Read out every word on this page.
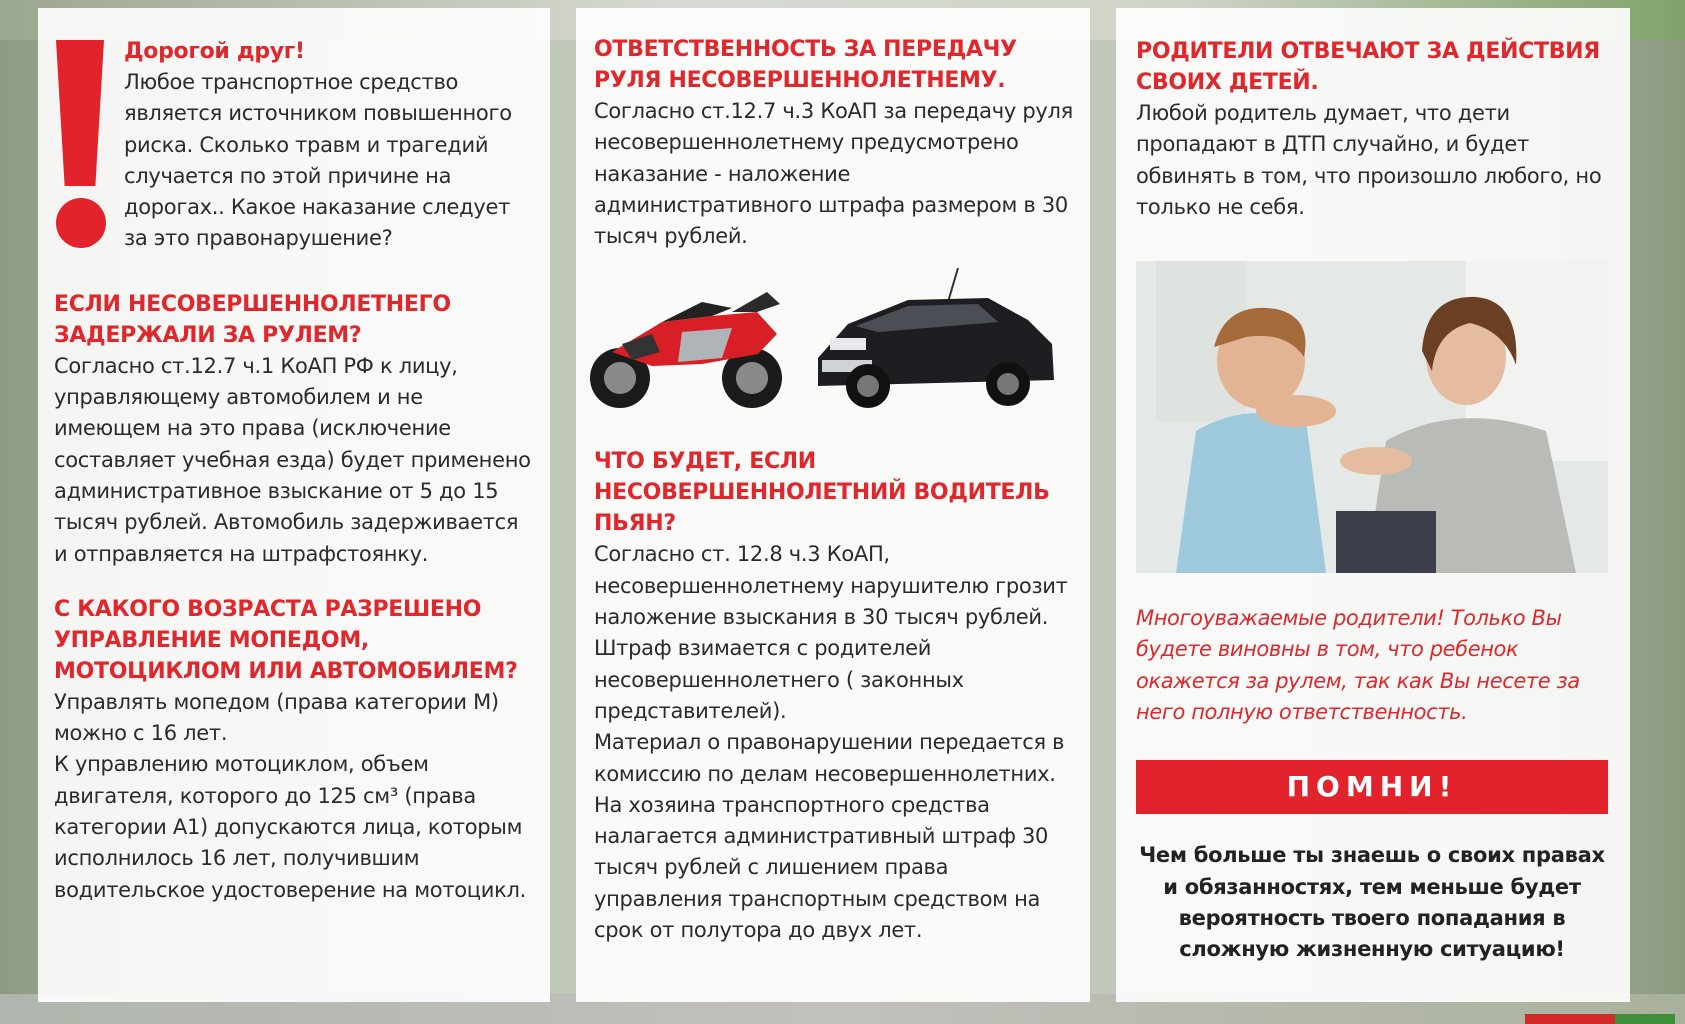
Дорогой друг!
Любое транспортное средство является источником повышенного риска. Сколько травм и трагедий случается по этой причине на дорогах.. Какое наказание следует за это правонарушение?
ЕСЛИ НЕСОВЕРШЕННОЛЕТНЕГО ЗАДЕРЖАЛИ ЗА РУЛЕМ?
Согласно ст.12.7 ч.1 КоАП РФ к лицу, управляющему автомобилем и не имеющем на это права (исключение составляет учебная езда) будет применено административное взыскание от 5 до 15 тысяч рублей. Автомобиль задерживается и отправляется на штрафстоянку.
С КАКОГО ВОЗРАСТА РАЗРЕШЕНО УПРАВЛЕНИЕ МОПЕДОМ, МОТОЦИКЛОМ ИЛИ АВТОМОБИЛЕМ?
Управлять мопедом (права категории М) можно с 16 лет.
К управлению мотоциклом, объем двигателя, которого до 125 см³ (права категории А1) допускаются лица, которым исполнилось 16 лет, получившим водительское удостоверение на мотоцикл.
ОТВЕТСТВЕННОСТЬ ЗА ПЕРЕДАЧУ РУЛЯ НЕСОВЕРШЕННОЛЕТНЕМУ.
Согласно ст.12.7 ч.3 КоАП за передачу руля несовершеннолетнему предусмотрено наказание - наложение административного штрафа размером в 30 тысяч рублей.
ЧТО БУДЕТ, ЕСЛИ НЕСОВЕРШЕННОЛЕТНИЙ ВОДИТЕЛЬ ПЬЯН?
Согласно ст. 12.8 ч.3 КоАП, несовершеннолетнему нарушителю грозит наложение взыскания в 30 тысяч рублей. Штраф взимается с родителей несовершеннолетнего ( законных представителей).
Материал о правонарушении передается в комиссию по делам несовершеннолетних.
На хозяина транспортного средства налагается административный штраф 30 тысяч рублей с лишением права управления транспортным средством на срок от полутора до двух лет.
РОДИТЕЛИ ОТВЕЧАЮТ ЗА ДЕЙСТВИЯ СВОИХ ДЕТЕЙ.
Любой родитель думает, что дети пропадают в ДТП случайно, и будет обвинять в том, что произошло любого, но только не себя.
Многоуважаемые родители! Только Вы будете виновны в том, что ребенок окажется за рулем, так как Вы несете за него полную ответственность.
ПОМНИ!
Чем больше ты знаешь о своих правах и обязанностях, тем меньше будет вероятность твоего попадания в сложную жизненную ситуацию!
